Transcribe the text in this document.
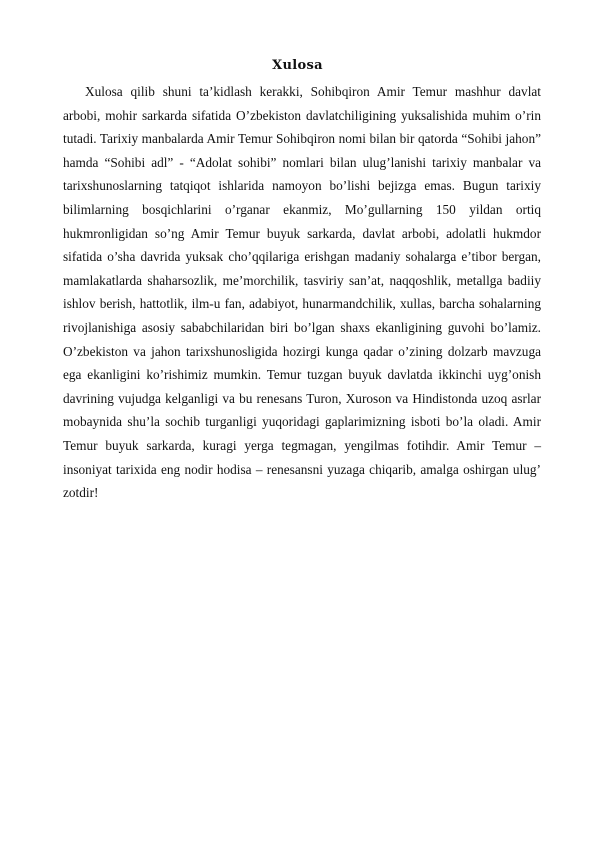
Xulosa

Xulosa qilib shuni ta’kidlash kerakki, Sohibqiron Amir Temur mashhur davlat arbobi, mohir sarkarda sifatida O’zbekiston davlatchiligining yuksalishida muhim o’rin tutadi. Tarixiy manbalarda Amir Temur Sohibqiron nomi bilan bir qatorda “Sohibi jahon” hamda “Sohibi adl” - “Adolat sohibi” nomlari bilan ulug’lanishi tarixiy manbalar va tarixshunoslarning tatqiqot ishlarida namoyon bo’lishi bejizga emas. Bugun tarixiy bilimlarning bosqichlarini o’rganar ekanmiz, Mo’gullarning 150 yildan ortiq hukmronligidan so’ng Amir Temur buyuk sarkarda, davlat arbobi, adolatli hukmdor sifatida o’sha davrida yuksak cho’qqilariga erishgan madaniy sohalarga e’tibor bergan, mamlakatlarda shaharsozlik, me’morchilik, tasviriy san’at, naqqoshlik, metallga badiiy ishlov berish, hattotlik, ilm-u fan, adabiyot, hunarmandchilik, xullas, barcha sohalarning rivojlanishiga asosiy sababchilaridan biri bo’lgan shaxs ekanligining guvohi bo’lamiz. O’zbekiston va jahon tarixshunosligida hozirgi kunga qadar o’zining dolzarb mavzuga ega ekanligini ko’rishimiz mumkin. Temur tuzgan buyuk davlatda ikkinchi uyg’onish davrining vujudga kelganligi va bu renesans Turon, Xuroson va Hindistonda uzoq asrlar mobaynida shu’la sochib turganligi yuqoridagi gaplarimizning isboti bo’la oladi. Amir Temur buyuk sarkarda, kuragi yerga tegmagan, yengilmas fotihdir. Amir Temur – insoniyat tarixida eng nodir hodisa – renesansni yuzaga chiqarib, amalga oshirgan ulug’ zotdir!
